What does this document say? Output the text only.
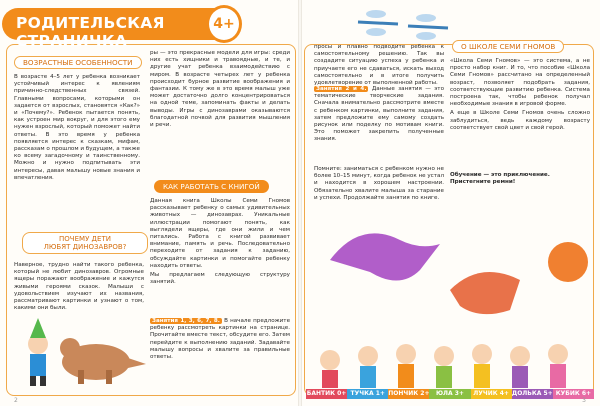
РОДИТЕЛЬСКАЯ СТРАНИЧКА
4+
ВОЗРАСТНЫЕ ОСОБЕННОСТИ

В возрасте 4–5 лет у ребенка возникает устойчивый интерес к явлениям причинно-следственных связей. Главными вопросами, которыми он задается от взрослых, становятся «Как?» и «Почему?». Ребенок пытается понять, как устроен мир вокруг, и для этого ему нужен взрослый, который поможет найти ответы. В это время у ребенка появляется интерес к сказкам, мифам, рассказам о прошлом и будущем, а также ко всему загадочному и таинственному. Можно и нужно подпитывать эти интересы, давая малышу новые знания и впечатления.

ры — это прекрасные модели для игры: среди них есть хищники и травоядные, и те, и другие учат ребенка взаимодействию с миром. В возрасте четырех лет у ребенка происходит бурное развитие воображения и фантазии. К тому же в это время малыш уже может достаточно долго концентрироваться на одной теме, запоминать факты и делать выводы. Игры с динозаврами оказываются благодатной почвой для развития мышления и речи.

КАК РАБОТАТЬ С КНИГОЙ

Данная книга Школы Семи Гномов рассказывает ребенку о самых удивительных животных — динозаврах. Уникальные иллюстрации помогают понять, как выглядели ящеры, где они жили и чем питались. Работа с книгой развивает внимание, память и речь. Последовательно переходите от задания к заданию, обсуждайте картинки и помогайте ребенку находить ответы.

Мы предлагаем следующую структуру занятий.

Занятия 1, 3, 6, 7, 8. В начале предложите ребенку рассмотреть картинки на странице. Прочитайте вместе текст, обсудите его. Затем перейдите к выполнению заданий. Задавайте малышу вопросы и хвалите за правильные ответы.

ПОЧЕМУ ДЕТИ
ЛЮБЯТ ДИНОЗАВРОВ?

Наверное, трудно найти такого ребенка, который не любит динозавров. Огромные ящеры поражают воображение и кажутся живыми героями сказок. Малыши с удовольствием изучают их названия, рассматривают картинки и узнают о том, какими они были.

2

просы и плавно подводите ребенка к самостоятельному решению. Так вы создадите ситуацию успеха у ребенка и приучаете его не сдаваться, искать выход самостоятельно и в итоге получить удовлетворение от выполненной работы.

Занятия 2 и 4. Данные занятия — это тематические творческие задания. Сначала внимательно рассмотрите вместе с ребенком картинки, выполните задания, затем предложите ему самому создать рисунок или поделку по мотивам книги. Это поможет закрепить полученные знания.

Помните: заниматься с ребенком нужно не более 10–15 минут, когда ребенок не устал и находится в хорошем настроении. Обязательно хвалите малыша за старание и успехи. Продолжайте занятия по книге.

О ШКОЛЕ СЕМИ ГНОМОВ

«Школа Семи Гномов» — это система, а не просто набор книг. И то, что пособие «Школа Семи Гномов» рассчитано на определенный возраст, позволяет подобрать задания, соответствующие развитию ребенка. Система построена так, чтобы ребенок получал необходимые знания в игровой форме.

А еще в Школе Семи Гномов очень сложно заблудиться, ведь каждому возрасту соответствует свой цвет и свой герой.

Обучение — это приключение.
Пристегните ремни!
БАНТИК 0+ ТУЧКА 1+ ПОНЧИК 2+	ЮЛА 3+	ЛУЧИК 4+ ДОЛЬКА 5+ КУБИК 6+
3
